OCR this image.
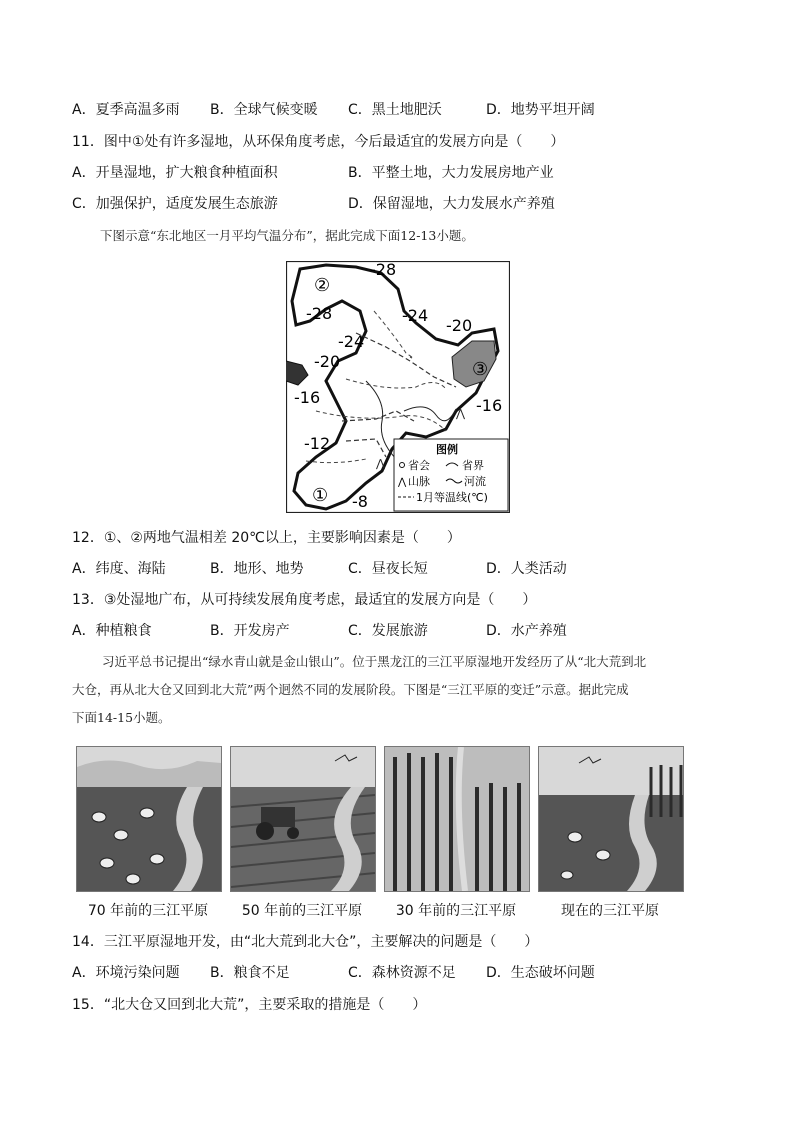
A．夏季高温多雨 B．全球气候变暖 C．黑土地肥沃	D．地势平坦开阔
11．图中①处有许多湿地，从环保角度考虑，今后最适宜的发展方向是（　　）
A．开垦湿地，扩大粮食种植面积	B．平整土地，大力发展房地产业
C．加强保护，适度发展生态旅游	D．保留湿地，大力发展水产养殖
下图示意“东北地区一月平均气温分布”，据此完成下面12-13小题。
⋀
⋀
-28
-28	-24
-24
-20
-20
-16	-16
-12
-8
①
②
③
图例
省会	省界
⋀ 山脉	河流
1月等温线(℃)
12．①、②两地气温相差 20℃以上，主要影响因素是（　　）
A．纬度、海陆	B．地形、地势	C．昼夜长短	D．人类活动
13．③处湿地广布，从可持续发展角度考虑，最适宜的发展方向是（　　）
A．种植粮食	B．开发房产	C．发展旅游	D．水产养殖

习近平总书记提出“绿水青山就是金山银山”。位于黑龙江的三江平原湿地开发经历了从“北大荒到北

大仓，再从北大仓又回到北大荒”两个迥然不同的发展阶段。下图是“三江平原的变迁”示意。据此完成

下面14-15小题。

70 年前的三江平原	50 年前的三江平原	30 年前的三江平原	现在的三江平原
14．三江平原湿地开发，由“北大荒到北大仓”，主要解决的问题是（　　）
A．环境污染问题 B．粮食不足	C．森林资源不足 D．生态破坏问题
15．“北大仓又回到北大荒”，主要采取的措施是（　　）
